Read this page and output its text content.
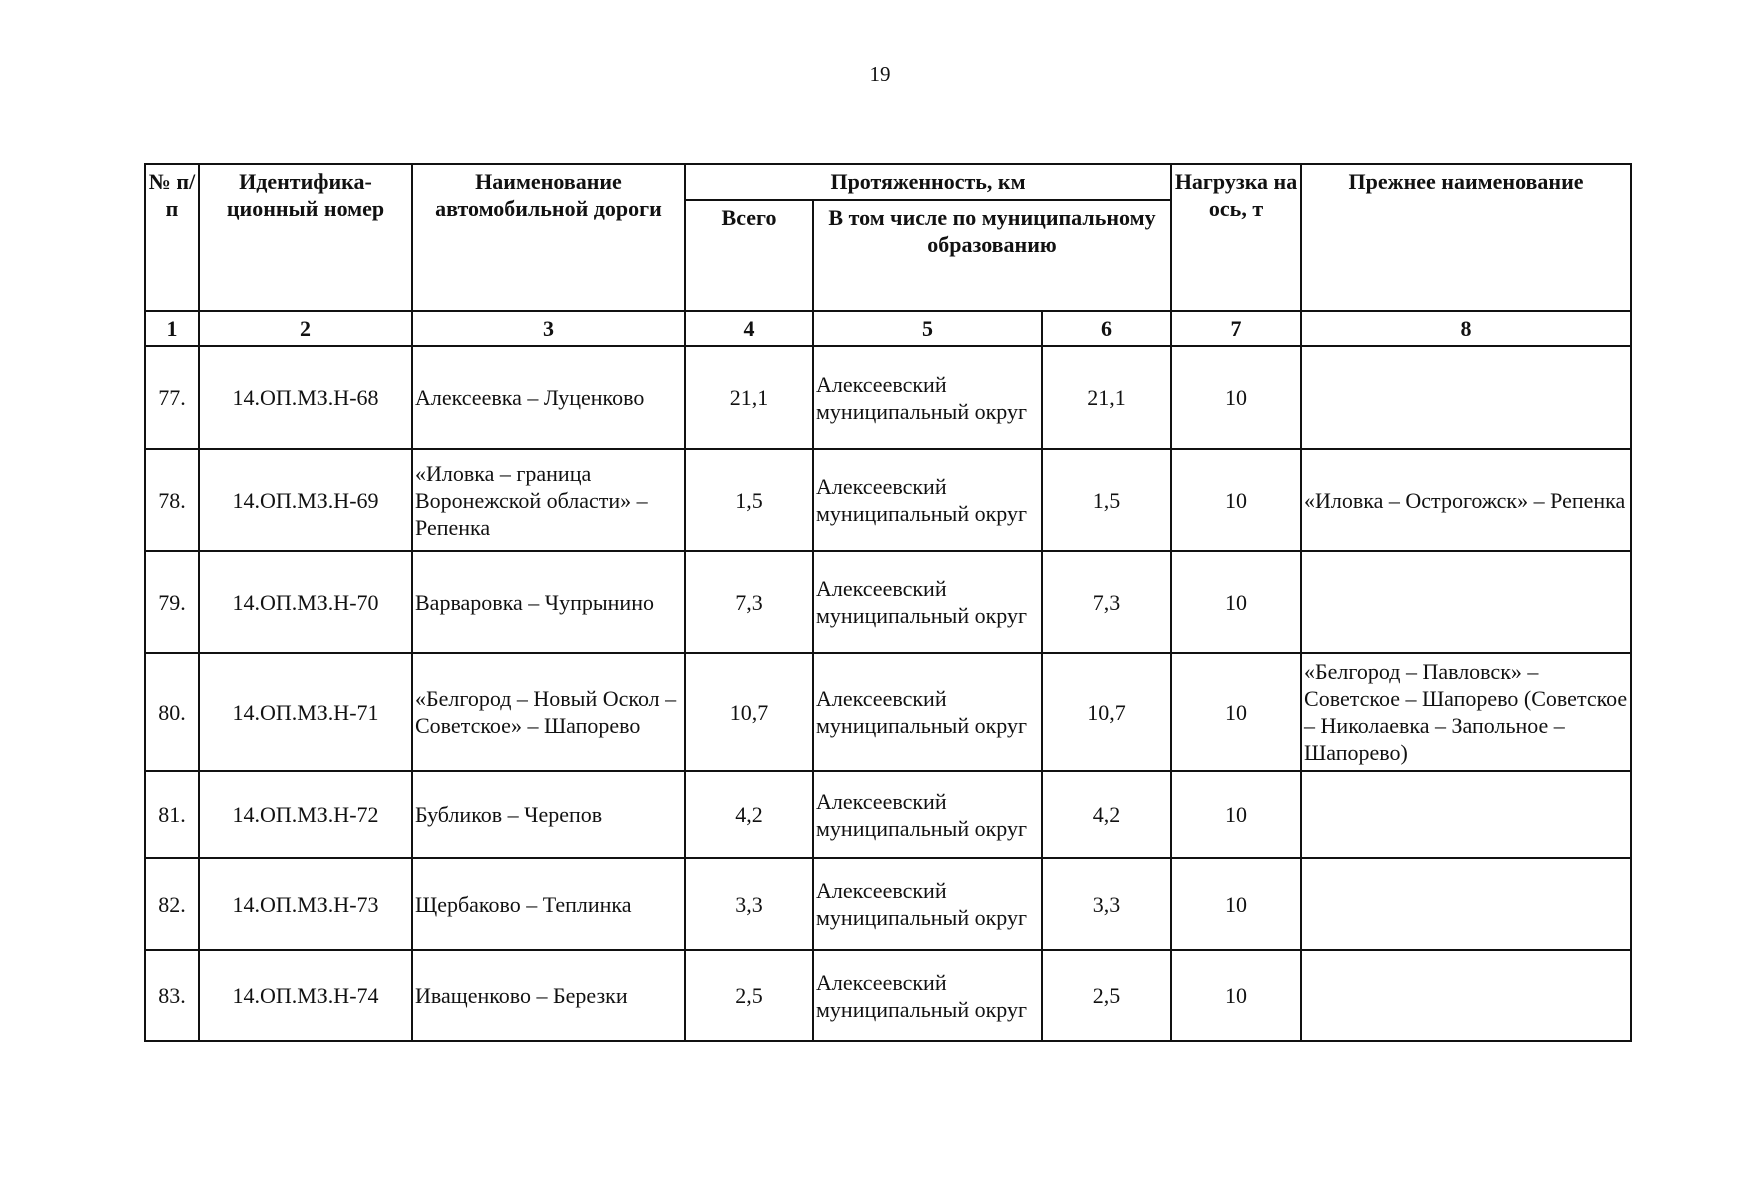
19
№ п/п	Идентифика-ционный номер	Наименование автомобильной дороги	Протяженность, км			Нагрузка на ось, т	Прежнее наименование
			Всего	В том числе по муниципальному образованию			
1	2	3	4	5	6	7	8
77.	14.ОП.МЗ.Н-68	Алексеевка – Луценково	21,1	Алексеевский муниципальный округ	21,1	10	
78.	14.ОП.МЗ.Н-69	«Иловка – граница Воронежской области» – Репенка	1,5	Алексеевский муниципальный округ	1,5	10	«Иловка – Острогожск» – Репенка
79.	14.ОП.МЗ.Н-70	Варваровка – Чупрынино	7,3	Алексеевский муниципальный округ	7,3	10	
80.	14.ОП.МЗ.Н-71	«Белгород – Новый Оскол – Советское» – Шапорево	10,7	Алексеевский муниципальный округ	10,7	10	«Белгород – Павловск» – Советское – Шапорево (Советское – Николаевка – Запольное – Шапорево)
81.	14.ОП.МЗ.Н-72	Бубликов – Черепов	4,2	Алексеевский муниципальный округ	4,2	10	
82.	14.ОП.МЗ.Н-73	Щербаково – Теплинка	3,3	Алексеевский муниципальный округ	3,3	10	
83.	14.ОП.МЗ.Н-74	Иващенково – Березки	2,5	Алексеевский муниципальный округ	2,5	10	
